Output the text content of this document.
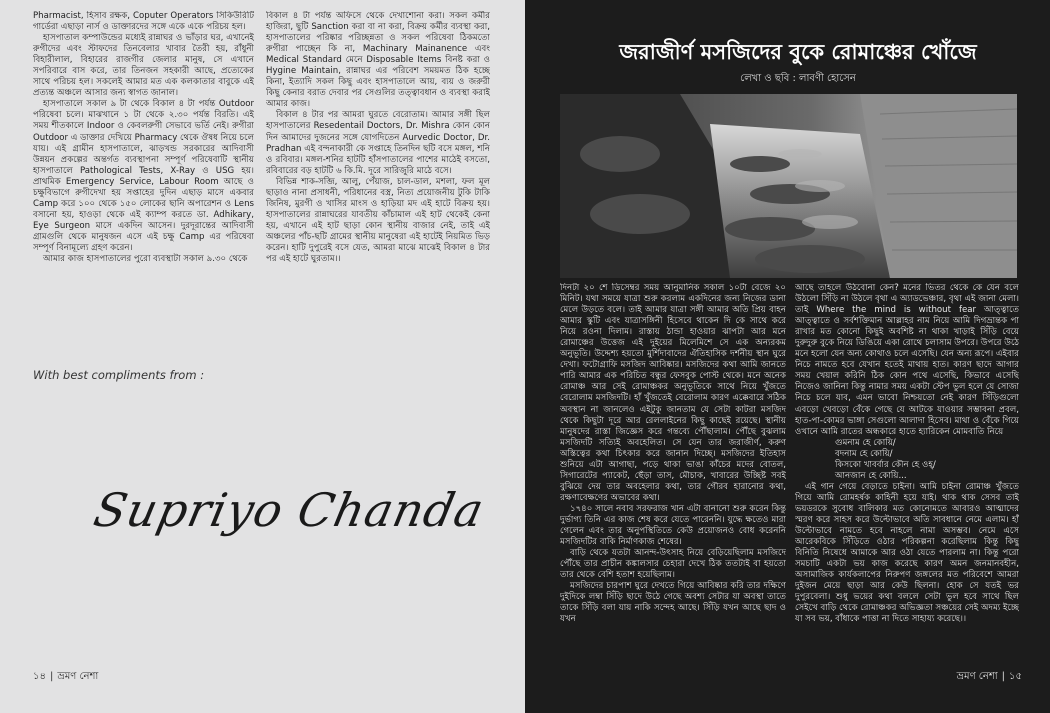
Pharmacist, হিসাব রক্ষক, Coputer Operators সিকিউরিটি গার্ডেরা এছাড়া নার্স ও ডাক্তারদের সঙ্গে একে একে পরিচয় হল।

হাসপাতাল কম্পাউন্ডের মধ্যেই রান্নাঘর ও ভাঁড়ার ঘর, এখানেই রুগীদের এবং স্টাফদের তিনবেলার খাবার তৈরী হয়, রাঁধুনী বিহারীলাল, বিহারের রাজগীর জেলার মানুষ, সে এখানে সপরিবারে বাস করে, তার তিনজন সহকারী আছে, প্রত্যেকের সাথে পরিচয় হল। সকলেই আমার মত এক কলকাতার বাবুকে এই প্রত্যন্ত অঞ্চলে আসার জন্য স্বাগত জানাল।

হাসপাতালে সকাল ৯ টা থেকে বিকাল ৪ টা পর্যন্ত Outdoor পরিষেবা চলে। মাঝখানে ১ টা থেকে ২.৩০ পর্যন্ত বিরতি। এই সময় শীতকালে Indoor ও কেবলরুগী সেভাবে ভর্তি নেই। রুগীরা Outdoor এ ডাক্তার দেখিয়ে Pharmacy থেকে ঔষধ নিয়ে চলে যায়। এই গ্রামীন হাসপাতালে, ঝাড়খন্ড সরকারের আদিবাসী উন্নয়ন প্রকল্পের অন্তর্গত ব্যবস্থাপনা সম্পূর্ণ পরিষেবাটি স্থানীয় হাসপাতালে Pathological Tests, X-Ray ও USG হয়। প্রাথমিক Emergency Service, Labour Room আছে ও চক্ষুবিভাগে রুগীদেখা হয় সপ্তাহের দুদিন এছাড় মাসে একবার Camp করে ১০০ থেকে ১৫০ লোকের ছানি অপারেশন ও Lens বসানো হয়, হাওড়া থেকে এই ক্যাম্প করতে ডা. Adhikary, Eye Surgeon মাসে একদিন আসেন। দুরদূরান্তের আদিবাসী গ্রামগুলি থেকে মানুষজন এসে এই চক্ষু Camp এর পরিষেবা সম্পূর্ণ বিনামূল্যে গ্রহণ করেন।

আমার কাজ হাসপাতালের পুরো ব্যবস্থাটা সকাল ৯.৩০ থেকে

বিকাল ৪ টা পর্যন্ত অফিসে থেকে দেখাশোনা করা। সকল কর্মীর হাজিরা, ছুটি Sanction করা বা না করা, বিক্রয় কর্মীর ব্যবস্থা করা, হাসপাতালের পরিষ্কার পরিচ্ছন্নতা ও সকল পরিষেবা ঠিকমতো রুগীরা পাচ্ছেন কি না, Machinary Mainanence এবং Medical Standard মেনে Disposable Items বিনষ্ট করা ও Hygine Maintain, রান্নাঘর এর পরিবেশ সময়মত ঠিক হচ্ছে কিনা, ইত্যাদি সকল কিছু এবং হাসপাতালে আয়, ব্যয় ও জরুরী কিছু কেনার বরাত দেবার পর সেগুলির তত্ত্বাবধান ও ব্যবস্থা করাই আমার কাজ।

বিকাল ৪ টার পর আমরা ঘুরতে বেরোতাম। আমার সঙ্গী ছিল হাসপাতালের Resedentail Doctors, Dr. Mishra কোন কোন দিন আমাদের দুজনের সঙ্গে যোগদিতেন Aurvedic Doctor, Dr. Pradhan এই বন্দনাকারী কে সপ্তাহে তিনদিন ছটি বসে মঙ্গল, শনি ও রবিবার। মঙ্গল-শনির হাটটি হাঁসপাতালের পাশের মাঠেই বসতো, রবিবারের বড় হাটটি ৬ কি.মি. দূরে সারিজুরি মাঠে বসে।

বিভিন্ন শাক-সব্জি, আলু, পেঁয়াজ, চাল-ডাল, মশলা, ফল মূল ছাড়াও নানা প্রসাধনী, পরিধানের বস্ত্র, নিত্য প্রয়োজনীয় টুকি টাকি জিনিষ, মুরগী ও খাসির মাংস ও হাড়িয়া মদ এই হাটে বিক্রয় হয়। হাসপাতালের রান্নাঘরের যাবতীয় কাঁচামাল এই হাট থেকেই কেনা হয়, এখানে এই হাট ছাড়া কোন স্থানীয় বাজার নেই, তাই এই অঞ্চলের পাঁচ-ছটি গ্রামের স্থানীয় মানুষেরা এই হাটেই নিয়মিত ভিড় করেন। হাটি দুপুরেই বসে যেত, আমরা মাঝে মাঝেই বিকাল ৪ টার পর এই হাটে ঘুরতাম।।

With best compliments from :
Supriyo Chanda
১৪ | ভ্রমণ নেশা
জরাজীর্ণ মসজিদের বুকে রোমাঞ্চের খোঁজে
লেখা ও ছবি : লাবণী হোসেন

দিনটা ২০ শে ডিসেম্বর সময় আনুমানিক সকাল ১০টা বেজে ২০ মিনিট। যথা সময়ে যাত্রা শুরু করলাম একদিনের জন্য নিজের ডানা মেলে উড়তে বলে। তাই আমার যাত্রা সঙ্গী আমার অতি প্রিয় বাহন আমার স্কুটি এবং যাত্রাসঙ্গিনী হিসেবে থাকেন দি কে সাথে করে নিয়ে রওনা দিলাম। রাস্তায় ঠান্ডা হাওয়ার ঝাপটা আর মনে রোমাঞ্চের উত্তেজ এই দুইয়ের মিলেমিশে সে এক অন্যরকম অনুভূতি। উদ্দেশ্য হয়তো মুর্শিদাবাদের ঐতিহাসিক দর্শনীয় স্থান ঘুরে দেখা। ফটোগ্রাফি মসজিদ আবিষ্কার। মসজিদের কথা আমি জানতে পারি আমার এক পরিচিত বন্ধুর ফেসবুক পোস্ট থেকে। মনে অনেক রোমাঞ্চ আর সেই রোমাঞ্চকর অনুভূতিকে সাথে নিয়ে খুঁজতে বেরোলাম মসজিদটি। হাঁ খুঁজতেই বেরোলাম কারণ এক্কেবারে সঠিক অবস্থান না জানলেও এইটুকু জানতাম যে সেটা কাটরা মসজিদ থেকে কিছুটা দূরে আর রেললাইনের কিছু কাছেই রয়েছে। স্থানীয় মানুষদের রাস্তা জিজ্ঞেস করে গন্তব্যে পৌঁছালাম। পৌঁছে বুঝলাম মসজিদটি সত্যিই অবহেলিত। সে যেন তার জরাজীর্ণ, করুণ অস্তিত্বের কথা চিৎকার করে জানান দিচ্ছে। মসজিদের ইতিহাস শুনিয়ে এটা আগাছা, পড়ে থাকা ভাঙা কাঁচের মদের বোতল, সিগারেটের প্যাকেট, ছেঁড়া তাস, মৌচাক, খাবারের উচ্ছিষ্ট সবই বুঝিয়ে দেয় তার অবহেলার কথা, তার গৌরব হারানোর কথা, রক্ষণাবেক্ষণের অভাবের কথা।

১৭৪০ সালে নবাব সরফরাজ খান এটা বানানো শুরু করেন কিন্তু দুর্ভাগ্য তিনি এর কাজ শেষ করে যেতে পারেননি। যুদ্ধে ক্ষতেও মারা গেলেন এবং তার অনুপস্থিতিতে কেউ প্রয়োজনও বোধ করেননি মসজিদটির বাকি নির্মাণকাজ শেষের।

বাড়ি থেকে যতটা আনন্দ-উৎসাহ নিয়ে বেড়িয়েছিলাম মসজিদে পৌঁছে তার প্রাচীন কঙ্কালসার চেহারা দেখে ঠিক ততটাই বা হয়তো তার থেকে বেশি হতাশ হয়েছিলাম।

মসজিদের চারপাশ ঘুরে দেখতে গিয়ে আবিষ্কার করি তার দক্ষিণে দুইদিকে লম্বা সিঁড়ি ছাদে উঠে গেছে অবশ্য সেটার যা অবস্থা তাতে তাকে সিঁড়ি বলা যায় নাকি সন্দেহ আছে। সিঁড়ি যখন আছে ছাদ ও যখন

আছে তাহলে উঠবোনা কেন? মনের ভিতর থেকে কে যেন বলে উঠলো সিঁড়ি না উঠলে বৃথা এ অ্যাডভেঞ্চার, বৃথা এই জানা মেলা। তাই Where the mind is without fear আত্ত্বাতে আত্ত্বাতে ও সর্বশক্তিমান আল্লাহর নাম নিয়ে আমি দিগভ্রান্তক পা রাখার মত কোনো কিছুই অবশিষ্ট না থাকা খাড়াই সিঁড়ি বেয়ে দুরুদুরু বুকে নিয়ে ডিঙিয়ে একা রোথে চলাসাম উপরে। উপরে উঠে মনে হলো যেন অন্য কোথাও চলে এসেছি। যেন অন্য রূপে। এইবার নিচে নামতে হবে যেখান হতেই মাথায় হাত। কারণ ছাদে আগার সময় খেয়াল করিনি ঠিক কোন পথে এসেছি, কিভাবে এসেছি নিজেও জানিনা কিন্তু নামার সময় একটা স্টেপ ভুল হলে যে সোজা নিচে চলে যাব, এমন ভাবো নিশ্চয়তো নেই কারণ সিঁড়িগুলো এবড়ো খেবড়ো বেঁকে গেছে যে আটকে যাওয়ার সম্ভাবনা প্রবল, হাত-পা-কোমর ভাঙ্গা সেগুলো আলাদা হিসেব। মাথা ও বেঁকে গিয়ে ওখানে আমি রাতের অন্ধকারে হাতে হ্যারিকেন মোমবাতি নিয়ে

গুমনাম হে কোয়ি/

বদনাম হে কোয়ি/

কিসকো খাবর্বার কৌন হে ওহ্‌/

আনজান হে কোয়ি...

এই গান গেয়ে বেড়াতে চাইনা। আমি চাইনা রোমাঞ্চ খুঁজতে গিয়ে আমি রোমহর্ষক কাহিনী হয়ে যাই। থাক থাক সেসব তাই ভয়ডরকে সুবোধ বালিকার মত কোনোমতে আবারও আত্মাদের স্মরণ করে সাহস করে উল্টোভাবে অতি সাবধানে নেমে এলাম। হাঁ উল্টোভাবে নামতে হবে নাহলে নামা অসম্ভব। নেমে এসে আরেকবিকে সিঁড়িতে ওঠার পরিকল্পনা করেছিলাম কিন্তু কিছু বিনিতি নিষেধে আমাকে আর ওঠা যেতে পারলাম না। কিন্তু পরো সমচাটি একটা ভয় কাজ করেছে কারণ অমন জনমানবহীন, অসামাজিক কার্যকলাপের নিরুপণ জঙ্গলের মত পরিবেশে আমরা দুইজন মেয়ে ছাড়া আর কেউ ছিলনা। হোক সে যতই ভর দুপুরবেলা। শুধু ভয়ের কথা বললে সেটা ভুল হবে সাথে ছিল সেইখে বাড়ি থেকে রোমাঞ্চকর অভিজ্ঞতা সঞ্চয়ের সেই অদম্য ইচ্ছে যা সব ভয়, বাঁধাকে পাত্তা না দিতে সাহায্য করেছে।।

ভ্রমণ নেশা | ১৫
